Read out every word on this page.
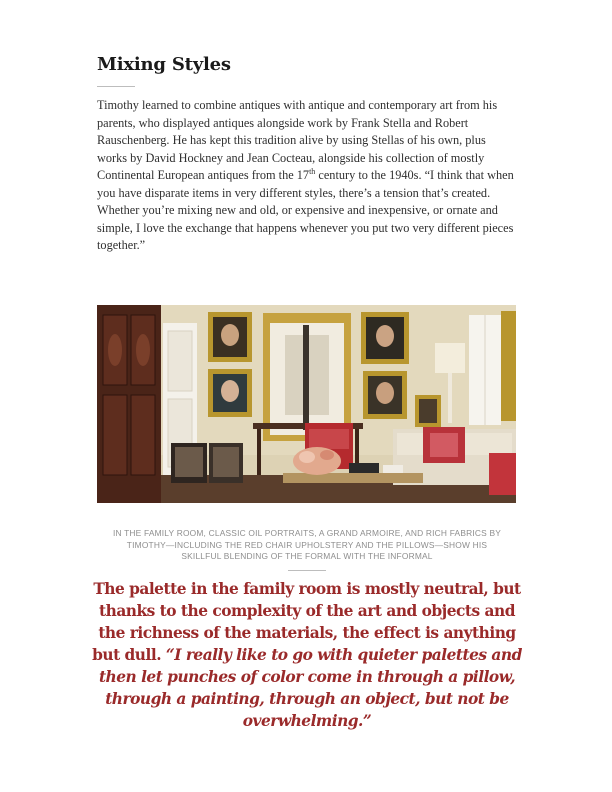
Mixing Styles

Timothy learned to combine antiques with antique and contemporary art from his parents, who displayed antiques alongside work by Frank Stella and Robert Rauschenberg. He has kept this tradition alive by using Stellas of his own, plus works by David Hockney and Jean Cocteau, alongside his collection of mostly Continental European antiques from the 17th century to the 1940s. “I think that when you have disparate items in very different styles, there’s a tension that’s created. Whether you’re mixing new and old, or expensive and inexpensive, or ornate and simple, I love the exchange that happens whenever you put two very different pieces together.”

IN THE FAMILY ROOM, CLASSIC OIL PORTRAITS, A GRAND ARMOIRE, AND RICH FABRICS BY TIMOTHY—INCLUDING THE RED CHAIR UPHOLSTERY AND THE PILLOWS—SHOW HIS SKILLFUL BLENDING OF THE FORMAL WITH THE INFORMAL

The palette in the family room is mostly neutral, but thanks to the complexity of the art and objects and the richness of the materials, the effect is anything but dull. “I really like to go with quieter palettes and then let punches of color come in through a pillow, through a painting, through an object, but not be overwhelming.”
